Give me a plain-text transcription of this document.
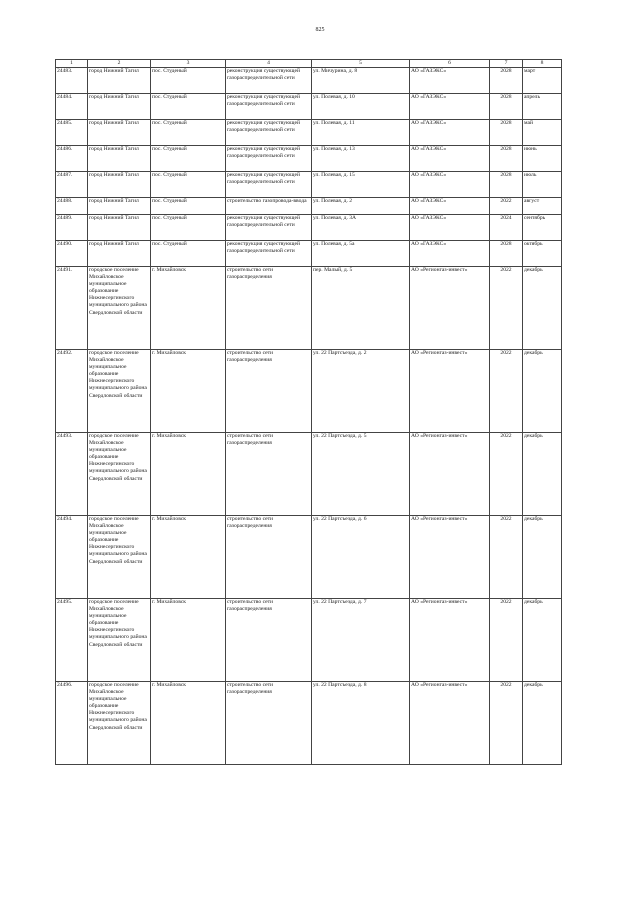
825
1	2	3	4	5	6	7	8
24483.	город Нижний Тагил	пос. Студеный	реконструкция существующей газораспределительной сети	ул. Мичурина, д. 8	АО «ГАЗЭКС»	2028	март
24484.	город Нижний Тагил	пос. Студеный	реконструкция существующей газораспределительной сети	ул. Полевая, д. 10	АО «ГАЗЭКС»	2028	апрель
24485.	город Нижний Тагил	пос. Студеный	реконструкция существующей газораспределительной сети	ул. Полевая, д. 11	АО «ГАЗЭКС»	2028	май
24486.	город Нижний Тагил	пос. Студеный	реконструкция существующей газораспределительной сети	ул. Полевая, д. 13	АО «ГАЗЭКС»	2028	июнь
24487.	город Нижний Тагил	пос. Студеный	реконструкция существующей газораспределительной сети	ул. Полевая, д. 15	АО «ГАЗЭКС»	2028	июль
24488.	город Нижний Тагил	пос. Студеный	строительство газопровода-ввода	ул. Полевая, д. 2	АО «ГАЗЭКС»	2022	август
24489.	город Нижний Тагил	пос. Студеный	реконструкция существующей газораспределительной сети	ул. Полевая, д. 3А	АО «ГАЗЭКС»	2024	сентябрь
24490.	город Нижний Тагил	пос. Студеный	реконструкция существующей газораспределительной сети	ул. Полевая, д. 5а	АО «ГАЗЭКС»	2028	октябрь
24491.	городское поселение Михайловское муниципальное образование Нижнесергинского муниципального района Свердловской области	г. Михайловск	строительство сети газораспределения	пер. Малый, д. 5	АО «Регионгаз-инвест»	2022	декабрь
24492.	городское поселение Михайловское муниципальное образование Нижнесергинского муниципального района Свердловской области	г. Михайловск	строительство сети газораспределения	ул. 22 Партсъезда, д. 2	АО «Регионгаз-инвест»	2022	декабрь
24493.	городское поселение Михайловское муниципальное образование Нижнесергинского муниципального района Свердловской области	г. Михайловск	строительство сети газораспределения	ул. 22 Партсъезда, д. 5	АО «Регионгаз-инвест»	2022	декабрь
24494.	городское поселение Михайловское муниципальное образование Нижнесергинского муниципального района Свердловской области	г. Михайловск	строительство сети газораспределения	ул. 22 Партсъезда, д. 6	АО «Регионгаз-инвест»	2022	декабрь
24495.	городское поселение Михайловское муниципальное образование Нижнесергинского муниципального района Свердловской области	г. Михайловск	строительство сети газораспределения	ул. 22 Партсъезда, д. 7	АО «Регионгаз-инвест»	2022	декабрь
24496.	городское поселение Михайловское муниципальное образование Нижнесергинского муниципального района Свердловской области	г. Михайловск	строительство сети газораспределения	ул. 22 Партсъезда, д. 8	АО «Регионгаз-инвест»	2022	декабрь
